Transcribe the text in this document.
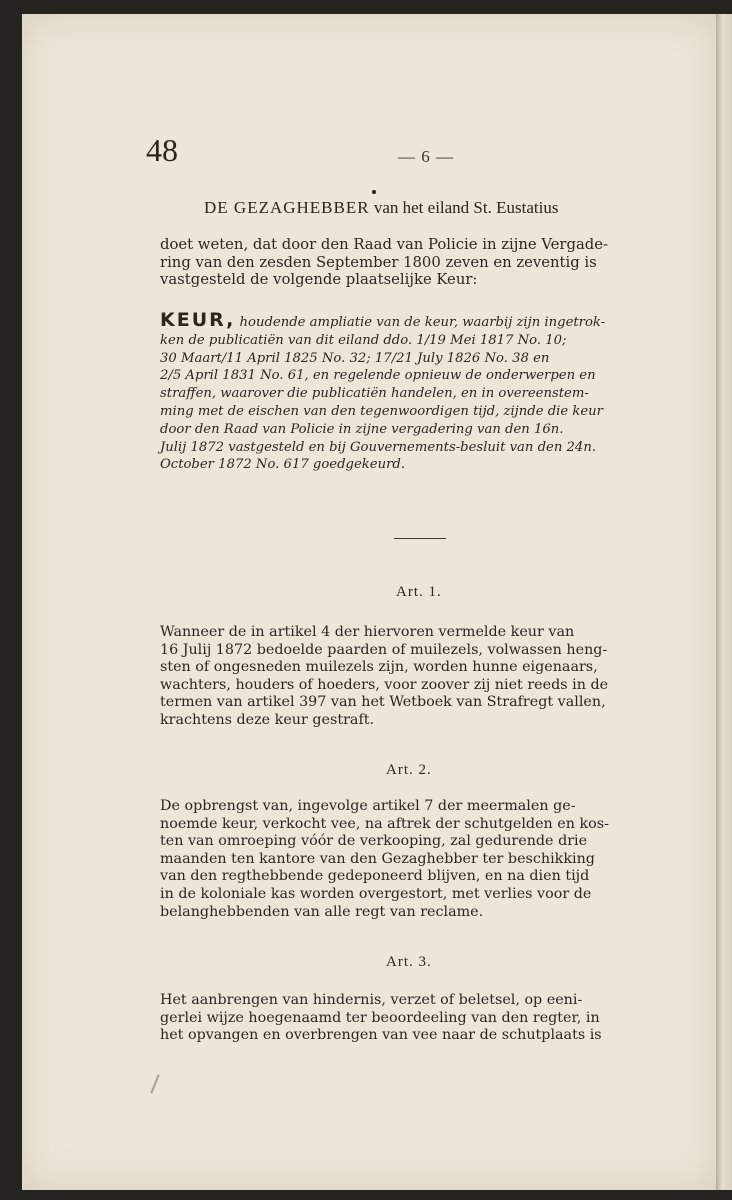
48	— 6 —
DE GEZAGHEBBER van het eiland St. Eustatius
doet weten, dat door den Raad van Policie in zijne Vergade-
ring van den zesden September 1800 zeven en zeventig is
vastgesteld de volgende plaatselijke Keur:
KEUR, houdende ampliatie van de keur, waarbij zijn ingetrok-
ken de publicatiën van dit eiland ddo. 1/19 Mei 1817 No. 10;
30 Maart/11 April 1825 No. 32; 17/21 July 1826 No. 38 en
2/5 April 1831 No. 61, en regelende opnieuw de onderwerpen en
straffen, waarover die publicatiën handelen, en in overeenstem-
ming met de eischen van den tegenwoordigen tijd, zijnde die keur
door den Raad van Policie in zijne vergadering van den 16n.
Julij 1872 vastgesteld en bij Gouvernements-besluit van den 24n.
October 1872 No. 617 goedgekeurd.
Art. 1.
Wanneer de in artikel 4 der hiervoren vermelde keur van
16 Julij 1872 bedoelde paarden of muilezels, volwassen heng-
sten of ongesneden muilezels zijn, worden hunne eigenaars,
wachters, houders of hoeders, voor zoover zij niet reeds in de
termen van artikel 397 van het Wetboek van Strafregt vallen,
krachtens deze keur gestraft.
Art. 2.
De opbrengst van, ingevolge artikel 7 der meermalen ge-
noemde keur, verkocht vee, na aftrek der schutgelden en kos-
ten van omroeping vóór de verkooping, zal gedurende drie
maanden ten kantore van den Gezaghebber ter beschikking
van den regthebbende gedeponeerd blijven, en na dien tijd
in de koloniale kas worden overgestort, met verlies voor de
belanghebbenden van alle regt van reclame.
Art. 3.
Het aanbrengen van hindernis, verzet of beletsel, op eeni-
gerlei wijze hoegenaamd ter beoordeeling van den regter, in
het opvangen en overbrengen van vee naar de schutplaats is
